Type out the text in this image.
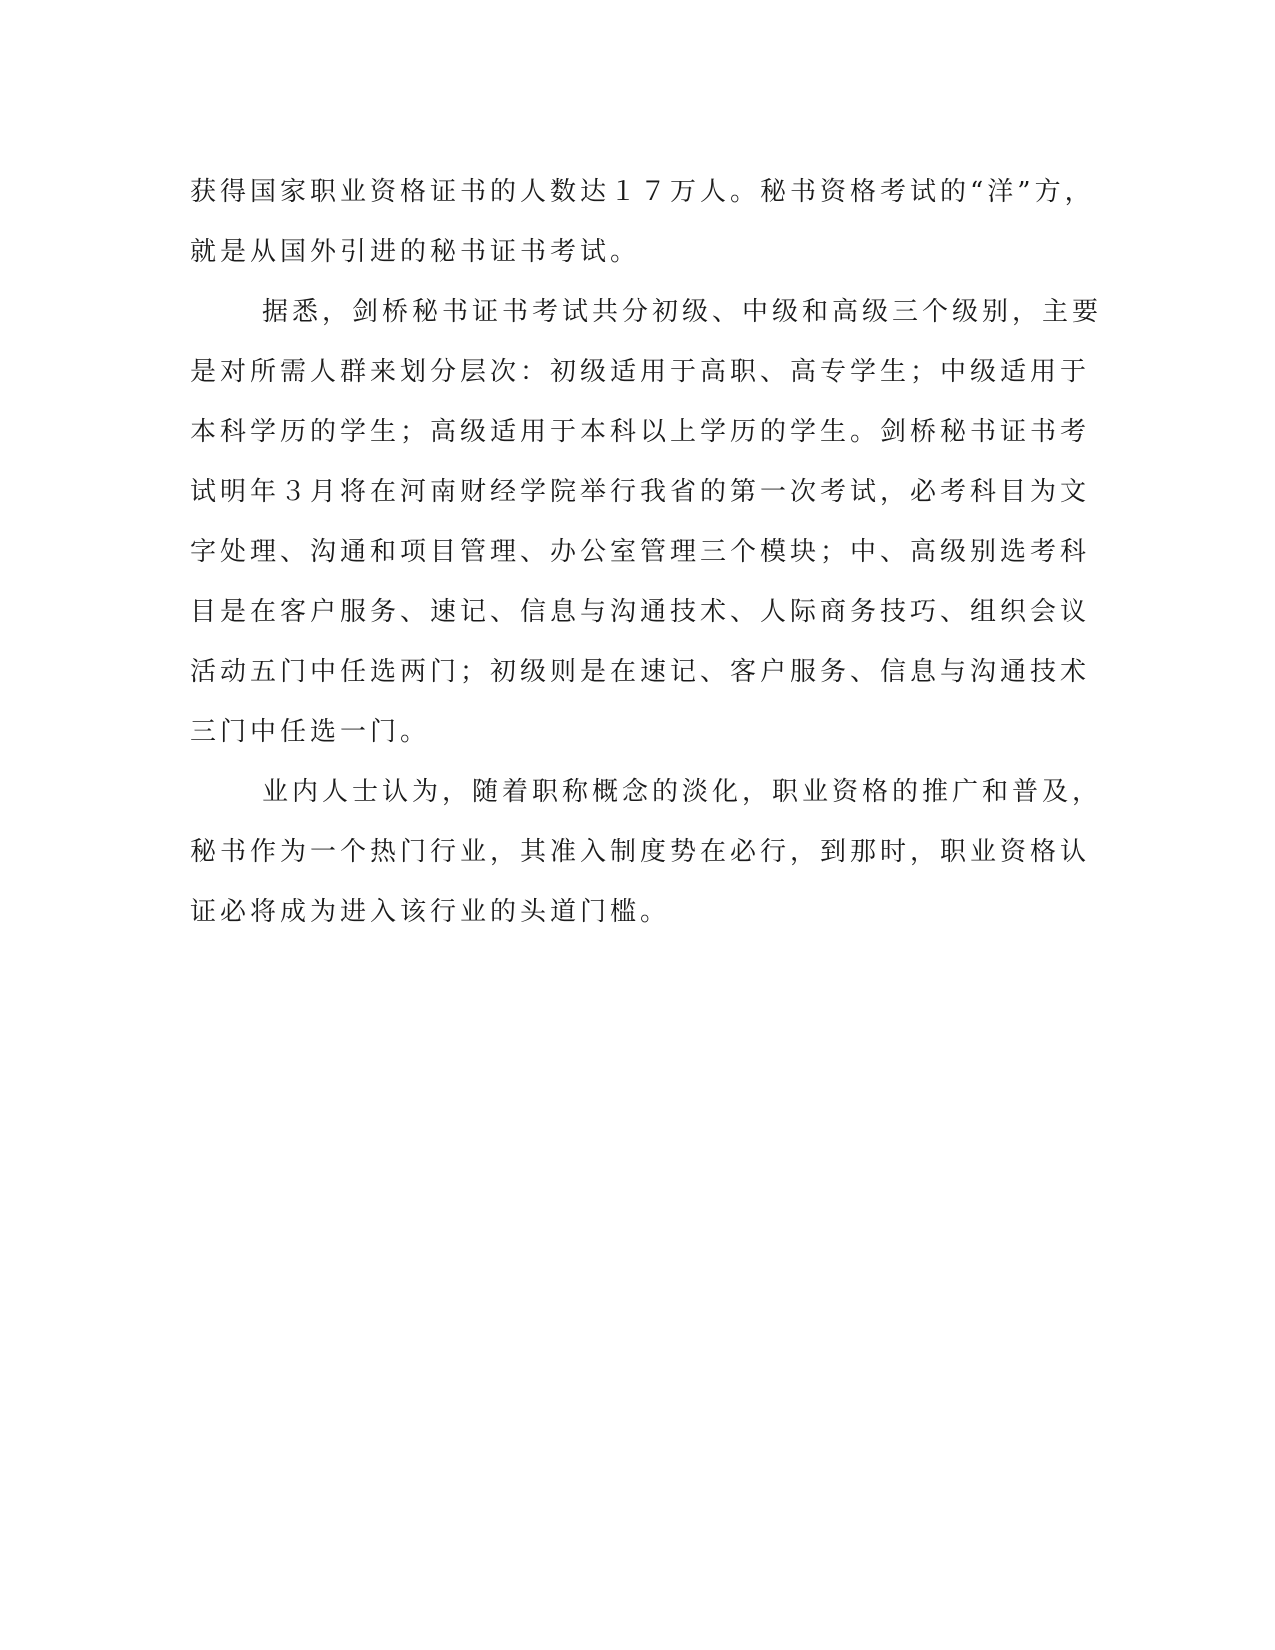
获得国家职业资格证书的人数达１７万人。秘书资格考试的“洋”方，
就是从国外引进的秘书证书考试。
据悉，剑桥秘书证书考试共分初级、中级和高级三个级别，主要
是对所需人群来划分层次：初级适用于高职、高专学生；中级适用于
本科学历的学生；高级适用于本科以上学历的学生。剑桥秘书证书考
试明年３月将在河南财经学院举行我省的第一次考试，必考科目为文
字处理、沟通和项目管理、办公室管理三个模块；中、高级别选考科
目是在客户服务、速记、信息与沟通技术、人际商务技巧、组织会议
活动五门中任选两门；初级则是在速记、客户服务、信息与沟通技术
三门中任选一门。
业内人士认为，随着职称概念的淡化，职业资格的推广和普及，
秘书作为一个热门行业，其准入制度势在必行，到那时，职业资格认
证必将成为进入该行业的头道门槛。
